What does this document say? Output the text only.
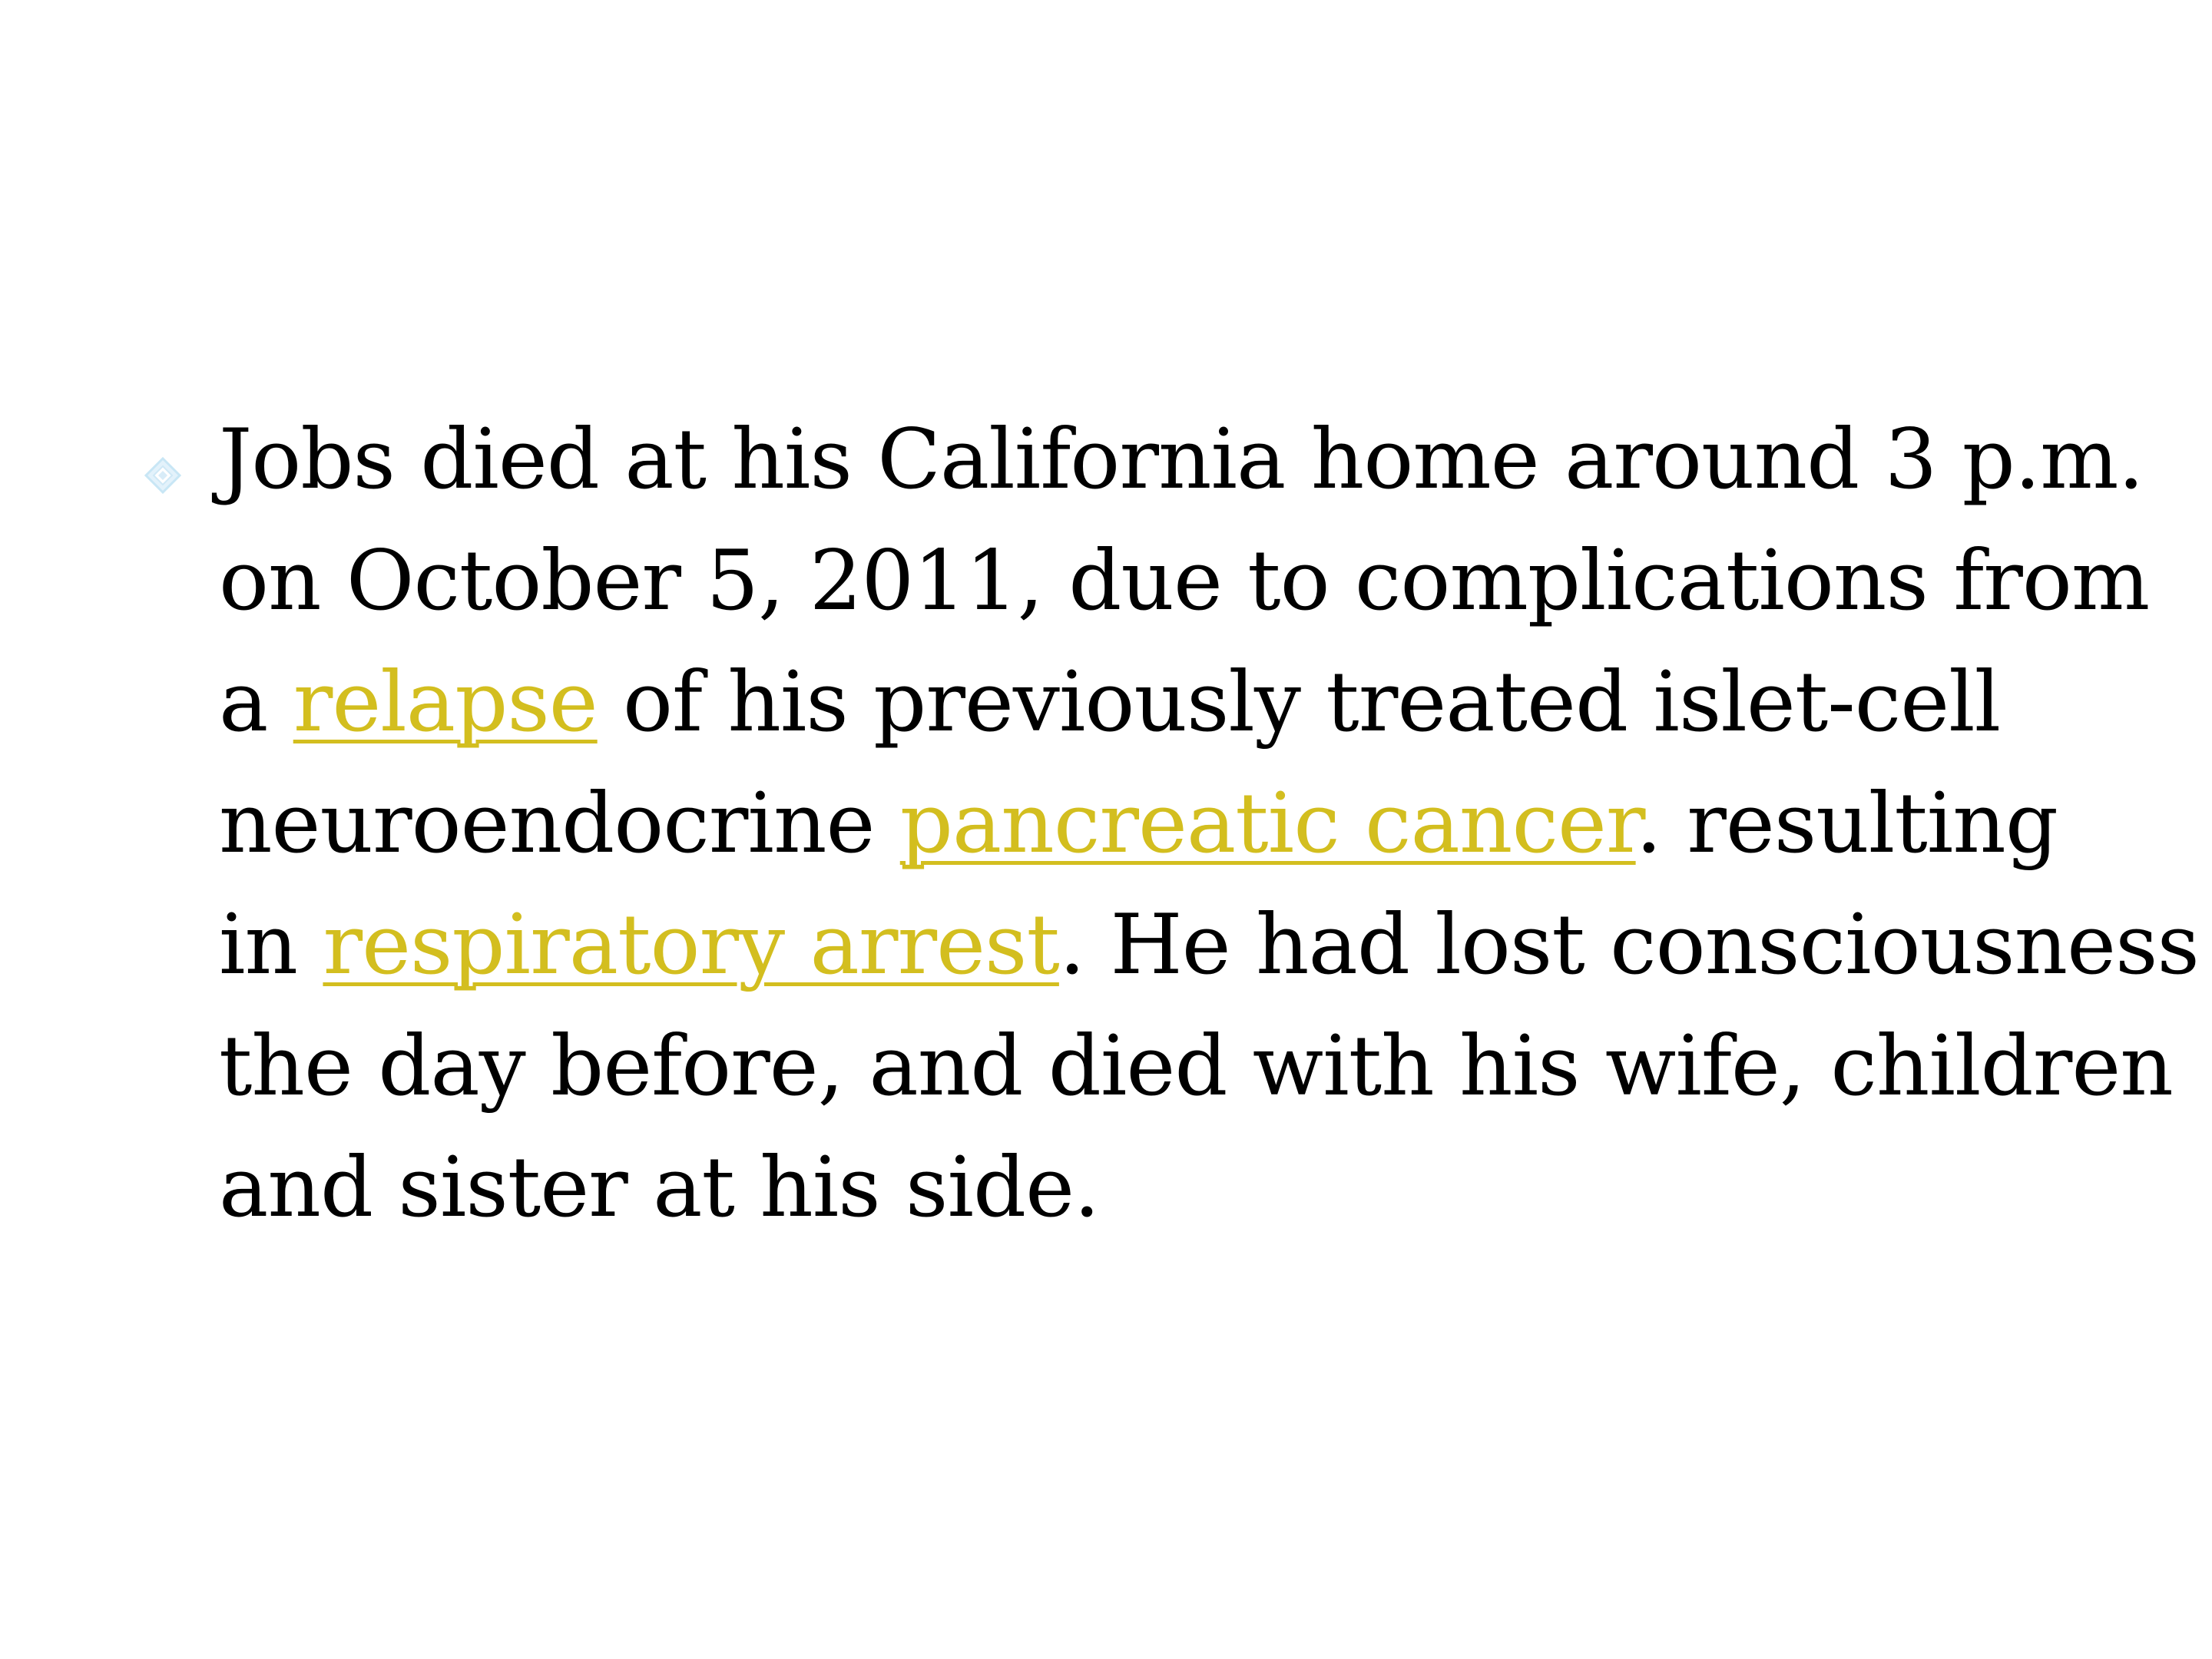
Jobs died at his California home around 3 p.m.
on October 5, 2011, due to complications from
a relapse of his previously treated islet-cell
neuroendocrine pancreatic cancer. resulting
in respiratory arrest. He had lost consciousness
the day before, and died with his wife, children
and sister at his side.
